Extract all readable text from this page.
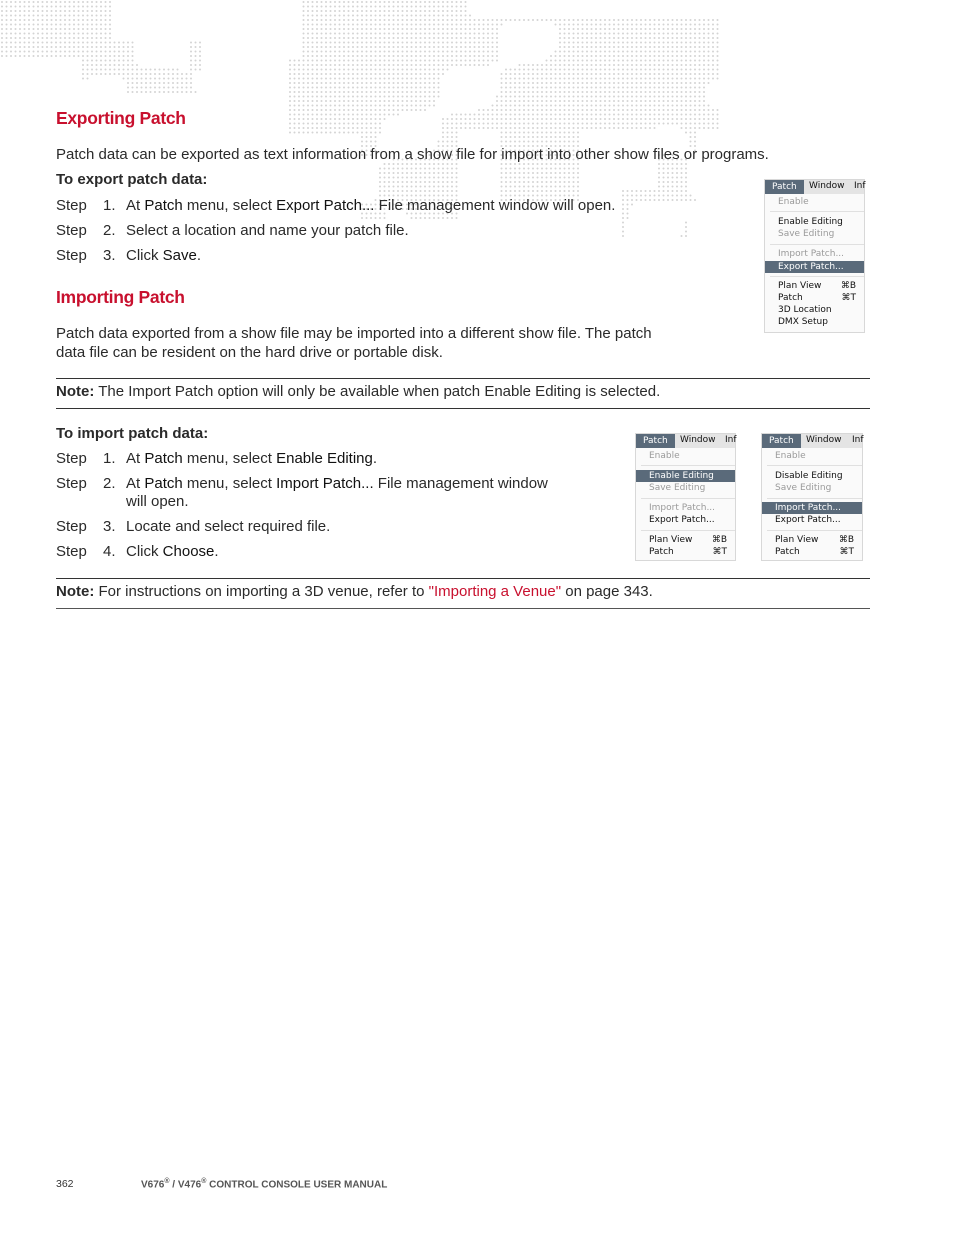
Exporting Patch
Patch data can be exported as text information from a show file for import into other show files or programs.
To export patch data:
Step 1. At Patch menu, select Export Patch... File management window will open.
Step 2. Select a location and name your patch file.
Step 3. Click Save.
Patch	Window Inf
Enable
Enable Editing
Save Editing
Import Patch...
Export Patch...
Plan View ⌘B
Patch	⌘T
3D Location
DMX Setup
Importing Patch
Patch data exported from a show file may be imported into a different show file. The patch
data file can be resident on the hard drive or portable disk.
Note: The Import Patch option will only be available when patch Enable Editing is selected.
To import patch data:
Step 1. At Patch menu, select Enable Editing.
Step 2. At Patch menu, select Import Patch... File management window
will open.
Step 3. Locate and select required file.
Step 4. Click Choose.
Patch	Window Inf
Enable
Enable Editing
Save Editing
Import Patch...
Export Patch...
Plan View ⌘B
Patch	⌘T
Patch	Window Inf
Enable
Disable Editing
Save Editing
Import Patch...
Export Patch...
Plan View ⌘B
Patch	⌘T
Note: For instructions on importing a 3D venue, refer to "Importing a Venue" on page 343.
362	V676® / V476® CONTROL CONSOLE USER MANUAL
